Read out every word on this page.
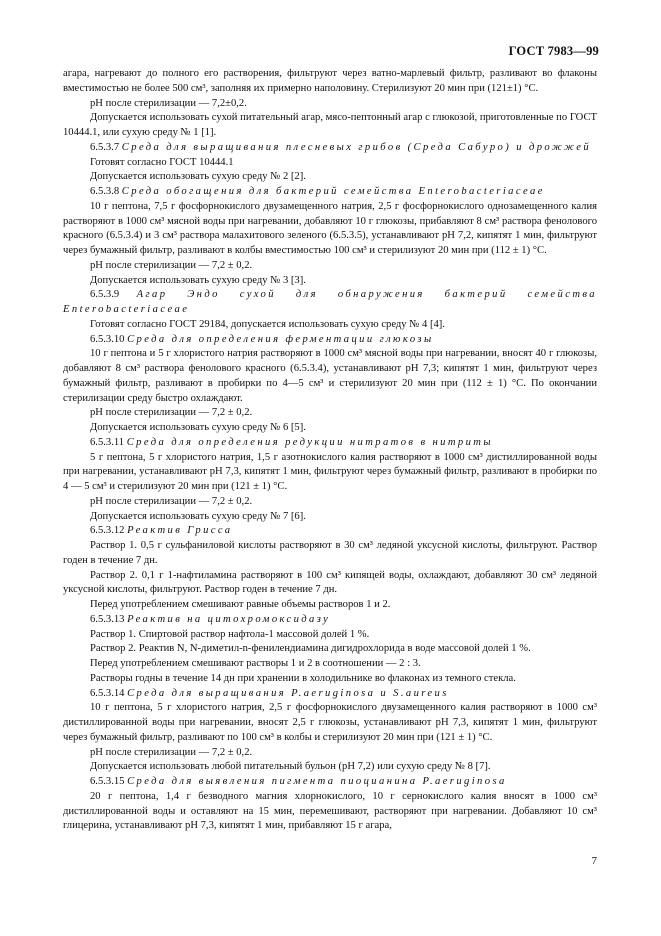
ГОСТ 7983—99

агара, нагревают до полного его растворения, фильтруют через ватно-марлевый фильтр, разливают во флаконы вместимостью не более 500 см³, заполняя их примерно наполовину. Стерилизуют 20 мин при (121±1) °С.

рН после стерилизации — 7,2±0,2.

Допускается использовать сухой питательный агар, мясо-пептонный агар с глюкозой, приготовленные по ГОСТ 10444.1, или сухую среду № 1 [1].

6.5.3.7 Среда для выращивания плесневых грибов (Среда Сабуро) и дрожжей

Готовят согласно ГОСТ 10444.1

Допускается использовать сухую среду № 2 [2].

6.5.3.8 Среда обогащения для бактерий семейства Enterobacteriaceae

10 г пептона, 7,5 г фосфорнокислого двузамещенного натрия, 2,5 г фосфорнокислого однозамещенного калия растворяют в 1000 см³ мясной воды при нагревании, добавляют 10 г глюкозы, прибавляют 8 см³ раствора фенолового красного (6.5.3.4) и 3 см³ раствора малахитового зеленого (6.5.3.5), устанавливают рН 7,2, кипятят 1 мин, фильтруют через бумажный фильтр, разливают в колбы вместимостью 100 см³ и стерилизуют 20 мин при (112 ± 1) °С.

рН после стерилизации — 7,2 ± 0,2.

Допускается использовать сухую среду № 3 [3].

6.5.3.9 Агар Эндо сухой для обнаружения бактерий семейства Enterobacteriaceae

Готовят согласно ГОСТ 29184, допускается использовать сухую среду № 4 [4].

6.5.3.10 Среда для определения ферментации глюкозы

10 г пептона и 5 г хлористого натрия растворяют в 1000 см³ мясной воды при нагревании, вносят 40 г глюкозы, добавляют 8 см³ раствора фенолового красного (6.5.3.4), устанавливают рН 7,3; кипятят 1 мин, фильтруют через бумажный фильтр, разливают в пробирки по 4—5 см³ и стерилизуют 20 мин при (112 ± 1) °С. По окончании стерилизации среду быстро охлаждают.

рН после стерилизации — 7,2 ± 0,2.

Допускается использовать сухую среду № 6 [5].

6.5.3.11 Среда для определения редукции нитратов в нитриты

5 г пептона, 5 г хлористого натрия, 1,5 г азотнокислого калия растворяют в 1000 см³ дистиллированной воды при нагревании, устанавливают рН 7,3, кипятят 1 мин, фильтруют через бумажный фильтр, разливают в пробирки по 4 — 5 см³ и стерилизуют 20 мин при (121 ± 1) °С.

рН после стерилизации — 7,2 ± 0,2.

Допускается использовать сухую среду № 7 [6].

6.5.3.12 Реактив Грисса

Раствор 1. 0,5 г сульфаниловой кислоты растворяют в 30 см³ ледяной уксусной кислоты, фильтруют. Раствор годен в течение 7 дн.

Раствор 2. 0,1 г 1-нафтиламина растворяют в 100 см³ кипящей воды, охлаждают, добавляют 30 см³ ледяной уксусной кислоты, фильтруют. Раствор годен в течение 7 дн.

Перед употреблением смешивают равные объемы растворов 1 и 2.

6.5.3.13 Реактив на цитохромоксидазу

Раствор 1. Спиртовой раствор нафтола-1 массовой долей 1 %.

Раствор 2. Реактив N, N-диметил-n-фенилендиамина дигидрохлорида в воде массовой долей 1 %.

Перед употреблением смешивают растворы 1 и 2 в соотношении — 2 : 3.

Растворы годны в течение 14 дн при хранении в холодильнике во флаконах из темного стекла.

6.5.3.14 Среда для выращивания P.aeruginosa и S.aureus

10 г пептона, 5 г хлористого натрия, 2,5 г фосфорнокислого двузамещенного калия растворяют в 1000 см³ дистиллированной воды при нагревании, вносят 2,5 г глюкозы, устанавливают рН 7,3, кипятят 1 мин, фильтруют через бумажный фильтр, разливают по 100 см³ в колбы и стерилизуют 20 мин при (121 ± 1) °С.

рН после стерилизации — 7,2 ± 0,2.

Допускается использовать любой питательный бульон (рН 7,2) или сухую среду № 8 [7].

6.5.3.15 Среда для выявления пигмента пиоцианина P.aeruginosa

20 г пептона, 1,4 г безводного магния хлорнокислого, 10 г сернокислого калия вносят в 1000 см³ дистиллированной воды и оставляют на 15 мин, перемешивают, растворяют при нагревании. Добавляют 10 см³ глицерина, устанавливают рН 7,3, кипятят 1 мин, прибавляют 15 г агара,

7
